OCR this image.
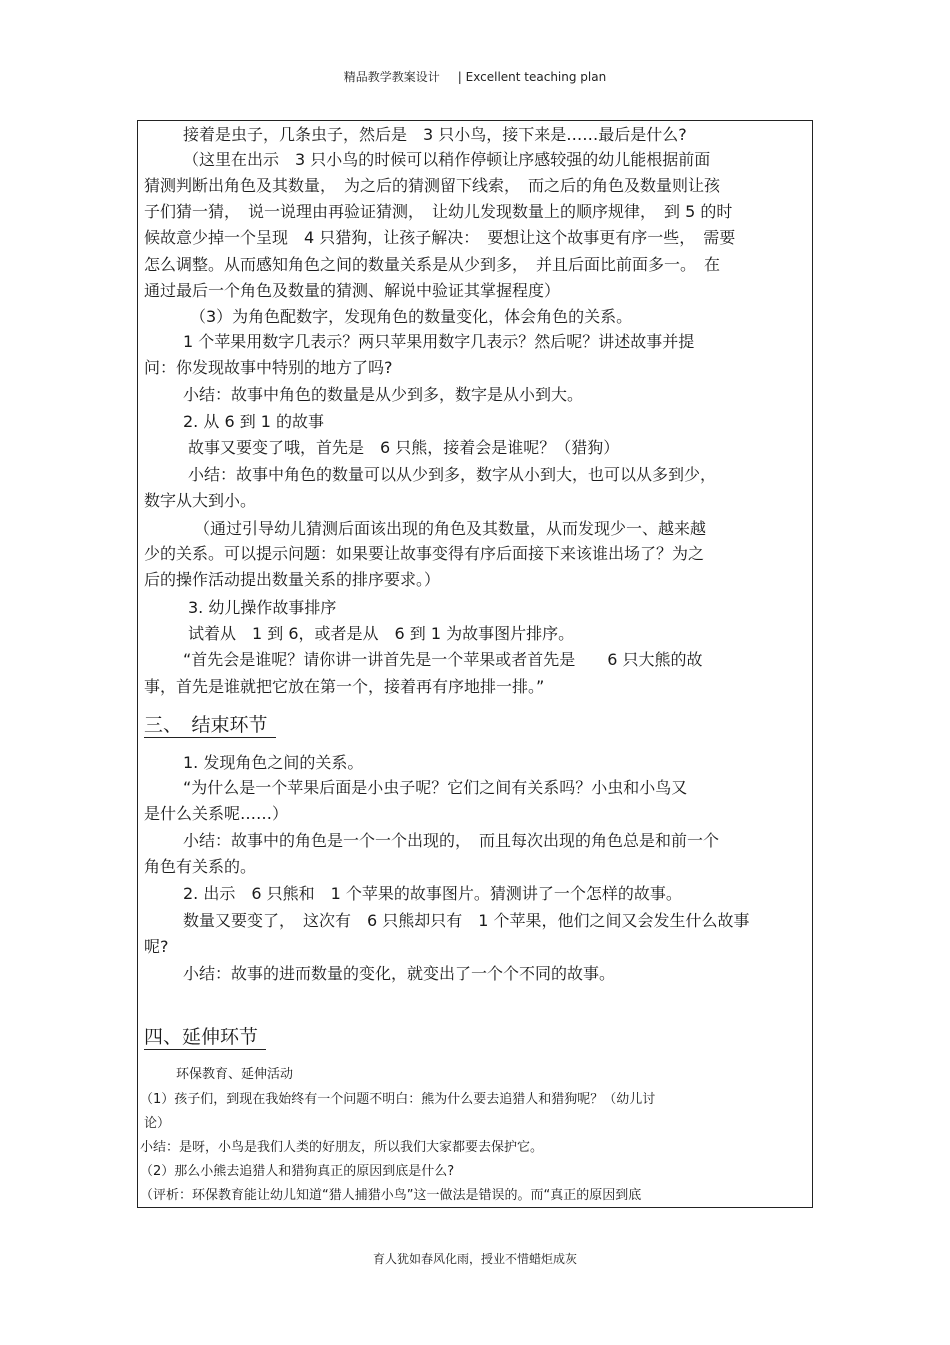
精品教学教案设计 | Excellent teaching plan
接着是虫子，几条虫子，然后是　3 只小鸟，接下来是……最后是什么?
（这里在出示　3 只小鸟的时候可以稍作停顿让序感较强的幼儿能根据前面
猜测判断出角色及其数量，　为之后的猜测留下线索，　而之后的角色及数量则让孩
子们猜一猜，　说一说理由再验证猜测，　让幼儿发现数量上的顺序规律，　到 5 的时
候故意少掉一个呈现　4 只猎狗，让孩子解决：　要想让这个故事更有序一些，　需要
怎么调整。从而感知角色之间的数量关系是从少到多，　并且后面比前面多一。　在
通过最后一个角色及数量的猜测、解说中验证其掌握程度）
（3）为角色配数字，发现角色的数量变化，体会角色的关系。
1 个苹果用数字几表示？两只苹果用数字几表示？然后呢？讲述故事并提
问：你发现故事中特别的地方了吗?
小结：故事中角色的数量是从少到多，数字是从小到大。
2. 从 6 到 1 的故事
故事又要变了哦，首先是　6 只熊，接着会是谁呢？（猎狗）
小结：故事中角色的数量可以从少到多，数字从小到大，也可以从多到少，
数字从大到小。
（通过引导幼儿猜测后面该出现的角色及其数量，从而发现少一、越来越
少的关系。可以提示问题：如果要让故事变得有序后面接下来该谁出场了？为之
后的操作活动提出数量关系的排序要求。）
3. 幼儿操作故事排序
试着从　1 到 6，或者是从　6 到 1 为故事图片排序。
“首先会是谁呢？请你讲一讲首先是一个苹果或者首先是　　6 只大熊的故
事，首先是谁就把它放在第一个，接着再有序地排一排。”
三、　结束环节
1. 发现角色之间的关系。
“为什么是一个苹果后面是小虫子呢？它们之间有关系吗？小虫和小鸟又
是什么关系呢……）
小结：故事中的角色是一个一个出现的，　而且每次出现的角色总是和前一个
角色有关系的。
2. 出示　6 只熊和　1 个苹果的故事图片。猜测讲了一个怎样的故事。
数量又要变了，　这次有　6 只熊却只有　1 个苹果，他们之间又会发生什么故事
呢?
小结：故事的进而数量的变化，就变出了一个个不同的故事。
四、延伸环节
环保教育、延伸活动
（1）孩子们，到现在我始终有一个问题不明白：熊为什么要去追猎人和猎狗呢？（幼儿讨
论）
小结：是呀，小鸟是我们人类的好朋友，所以我们大家都要去保护它。
（2）那么小熊去追猎人和猎狗真正的原因到底是什么?
（评析：环保教育能让幼儿知道“猎人捕猎小鸟”这一做法是错误的。而“真正的原因到底
育人犹如春风化雨，授业不惜蜡炬成灰
